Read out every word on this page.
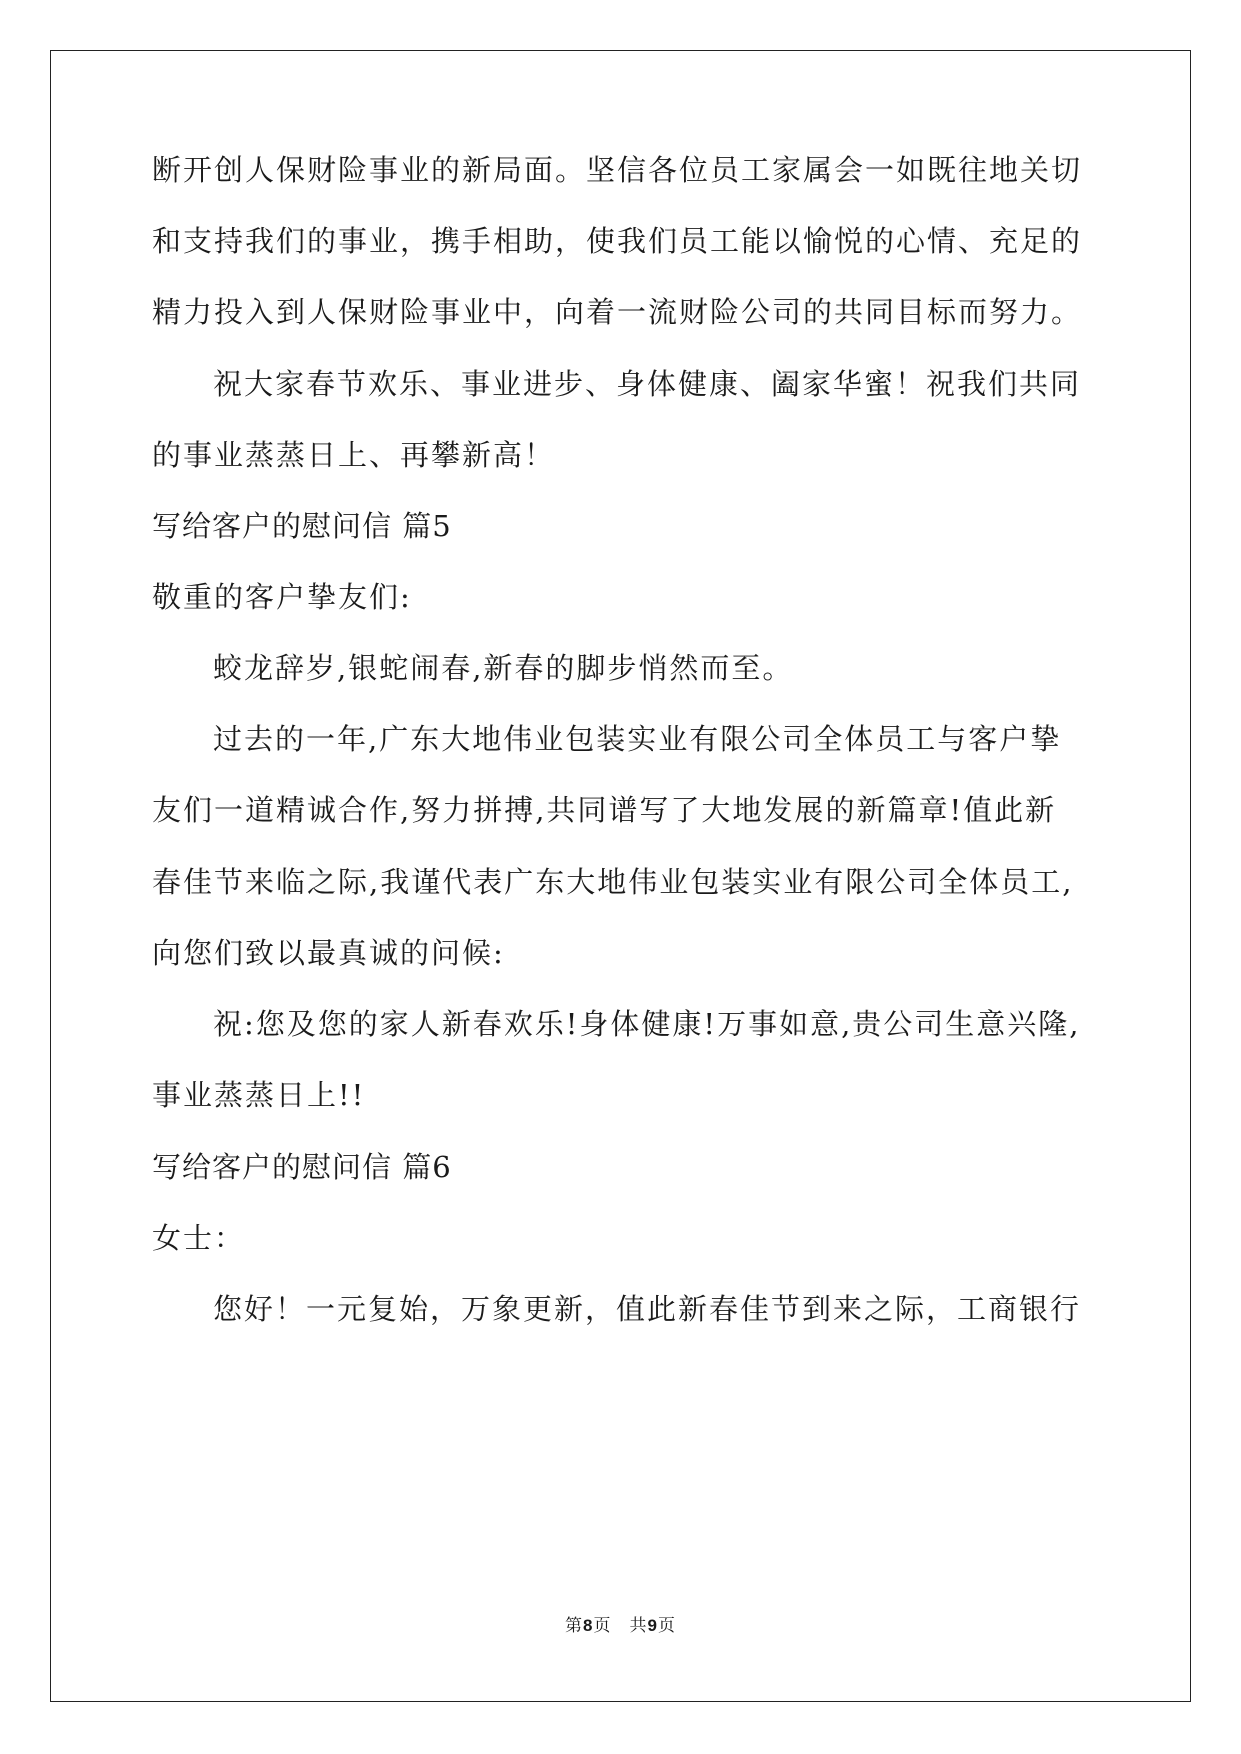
断开创人保财险事业的新局面。坚信各位员工家属会一如既往地关切
和支持我们的事业，携手相助，使我们员工能以愉悦的心情、充足的
精力投入到人保财险事业中，向着一流财险公司的共同目标而努力。
祝大家春节欢乐、事业进步、身体健康、阖家华蜜！祝我们共同
的事业蒸蒸日上、再攀新高！
写给客户的慰问信 篇5
敬重的客户挚友们:
蛟龙辞岁,银蛇闹春,新春的脚步悄然而至。
过去的一年,广东大地伟业包装实业有限公司全体员工与客户挚
友们一道精诚合作,努力拼搏,共同谱写了大地发展的新篇章!值此新
春佳节来临之际,我谨代表广东大地伟业包装实业有限公司全体员工,
向您们致以最真诚的问候:
祝:您及您的家人新春欢乐!身体健康!万事如意,贵公司生意兴隆,
事业蒸蒸日上!!
写给客户的慰问信 篇6
女士：
您好！一元复始，万象更新，值此新春佳节到来之际，工商银行
第8页　共9页
